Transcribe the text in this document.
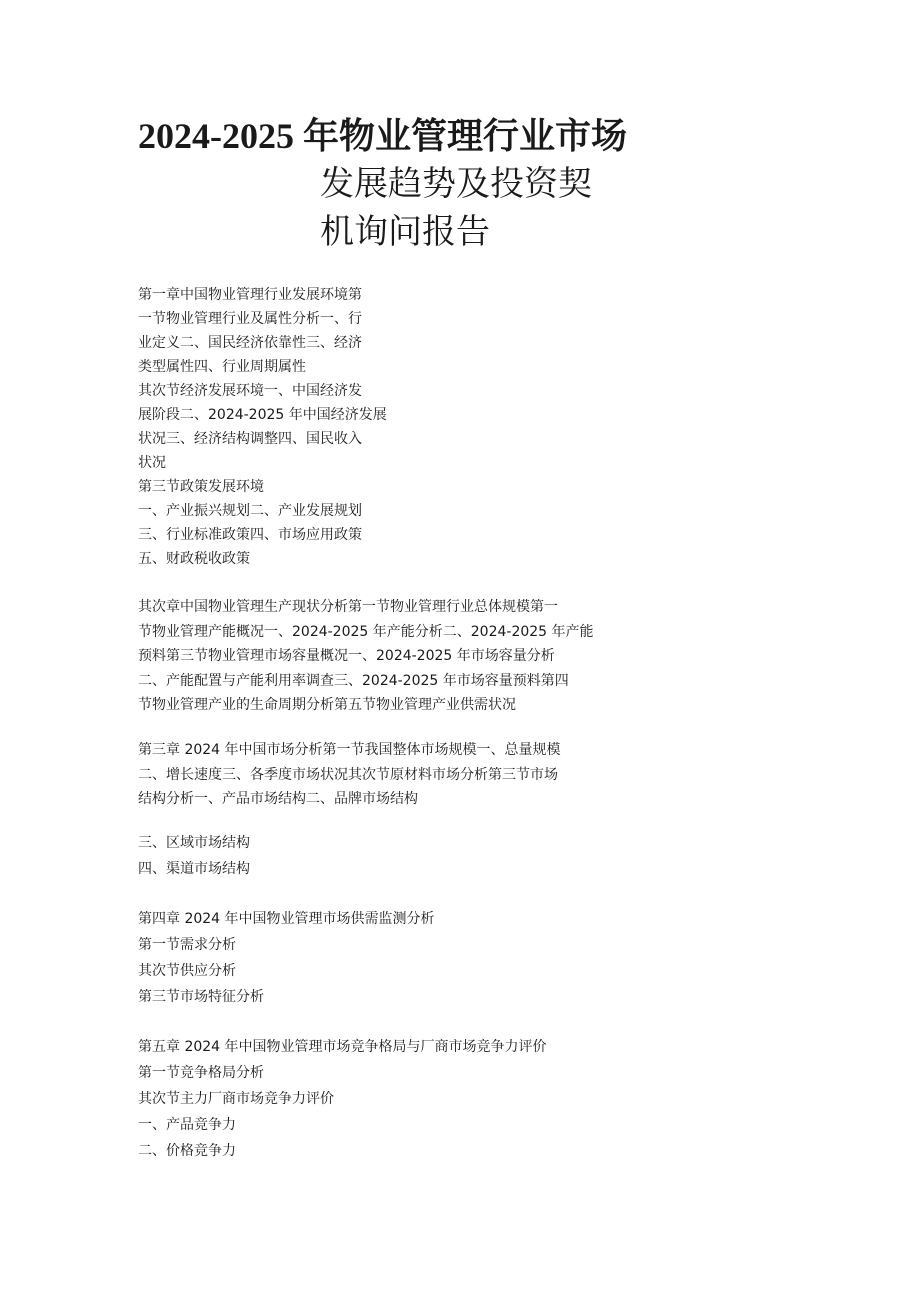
2024-2025 年物业管理行业市场
发展趋势及投资契
机询问报告
第一章中国物业管理行业发展环境第
一节物业管理行业及属性分析一、行
业定义二、国民经济依靠性三、经济
类型属性四、行业周期属性
其次节经济发展环境一、中国经济发
展阶段二、2024-2025 年中国经济发展
状况三、经济结构调整四、国民收入
状况
第三节政策发展环境
一、产业振兴规划二、产业发展规划
三、行业标准政策四、市场应用政策
五、财政税收政策
其次章中国物业管理生产现状分析第一节物业管理行业总体规模第一
节物业管理产能概况一、2024-2025 年产能分析二、2024-2025 年产能
预料第三节物业管理市场容量概况一、2024-2025 年市场容量分析
二、产能配置与产能利用率调查三、2024-2025 年市场容量预料第四
节物业管理产业的生命周期分析第五节物业管理产业供需状况
第三章 2024 年中国市场分析第一节我国整体市场规模一、总量规模
二、增长速度三、各季度市场状况其次节原材料市场分析第三节市场
结构分析一、产品市场结构二、品牌市场结构
三、区域市场结构
四、渠道市场结构
第四章 2024 年中国物业管理市场供需监测分析
第一节需求分析
其次节供应分析
第三节市场特征分析
第五章 2024 年中国物业管理市场竞争格局与厂商市场竞争力评价
第一节竞争格局分析
其次节主力厂商市场竞争力评价
一、产品竞争力
二、价格竞争力
